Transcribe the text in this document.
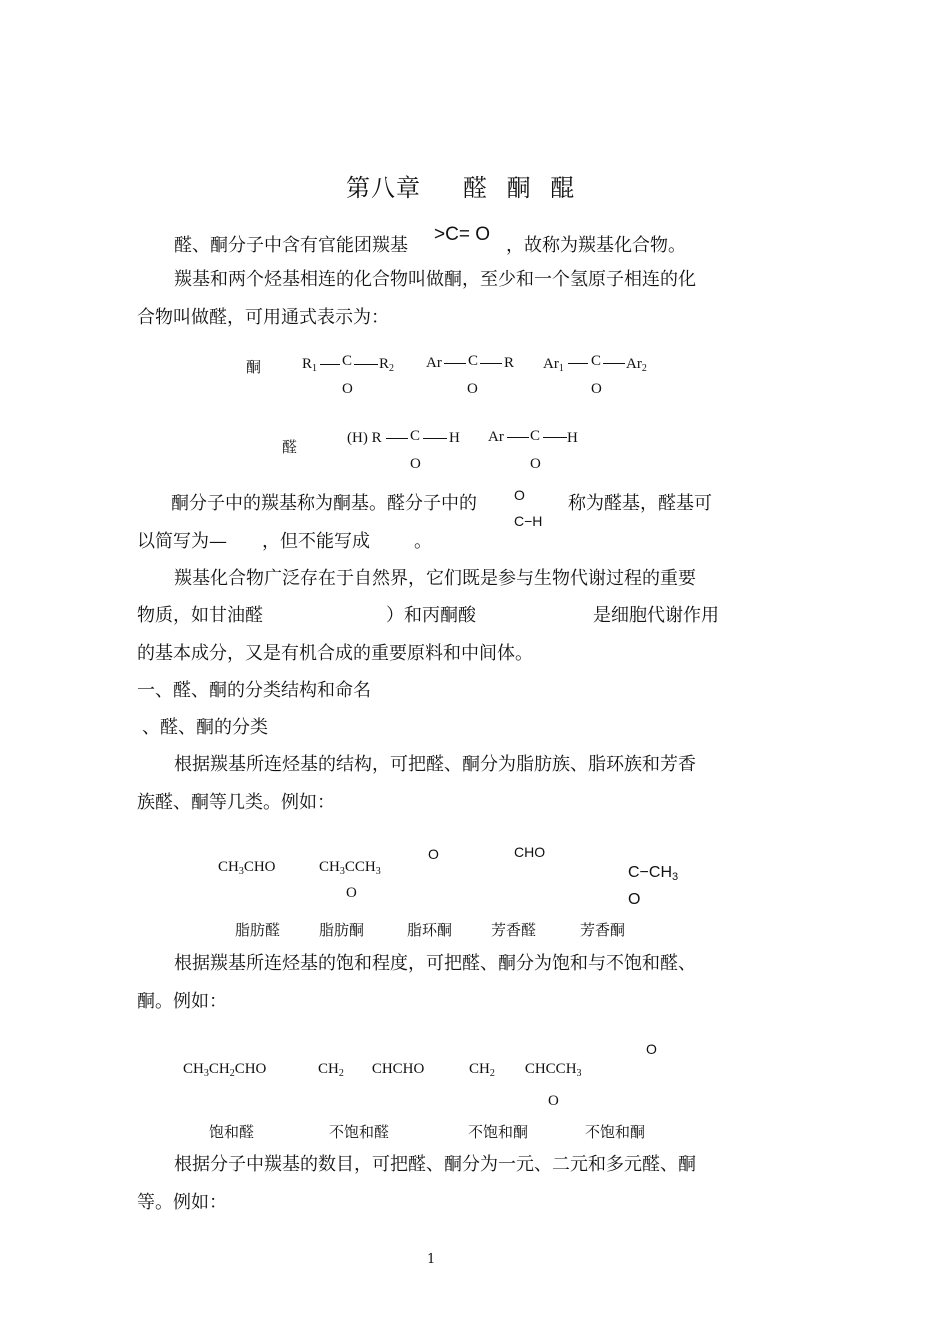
第八章 醛 酮 醌
醛、酮分子中含有官能团羰基
>C= O
，故称为羰基化合物。
羰基和两个烃基相连的化合物叫做酮，至少和一个氢原子相连的化
合物叫做醛，可用通式表示为：
酮	$R_1$ C $R_2$
O
Ar C R
O
$Ar_1$ C $Ar_2$
O
醛	(H) R C H
O
Ar C H
O
酮分子中的羰基称为酮基。醛分子中的	O
C−H
称为醛基，醛基可
以简写为— ，但不能写成 。
羰基化合物广泛存在于自然界，它们既是参与生物代谢过程的重要
物质，如甘油醛	）和丙酮酸	是细胞代谢作用
的基本成分，又是有机合成的重要原料和中间体。
一、醛、酮的分类结构和命名
、醛、酮的分类
根据羰基所连烃基的结构，可把醛、酮分为脂肪族、脂环族和芳香
族醛、酮等几类。例如：
$CH_3CHO$	$CH_3CCH_3$
O
O	CHO
$C-CH_3$
O
脂肪醛	脂肪酮	脂环酮	芳香醛	芳香酮
根据羰基所连烃基的饱和程度，可把醛、酮分为饱和与不饱和醛、
酮。例如：
$CH_3CH_2CHO$	$CH_2$ CHCHO	$CH_2$ $CHCCH_3$
O
O
饱和醛	不饱和醛	不饱和酮	不饱和酮
根据分子中羰基的数目，可把醛、酮分为一元、二元和多元醛、酮
等。例如：
1
